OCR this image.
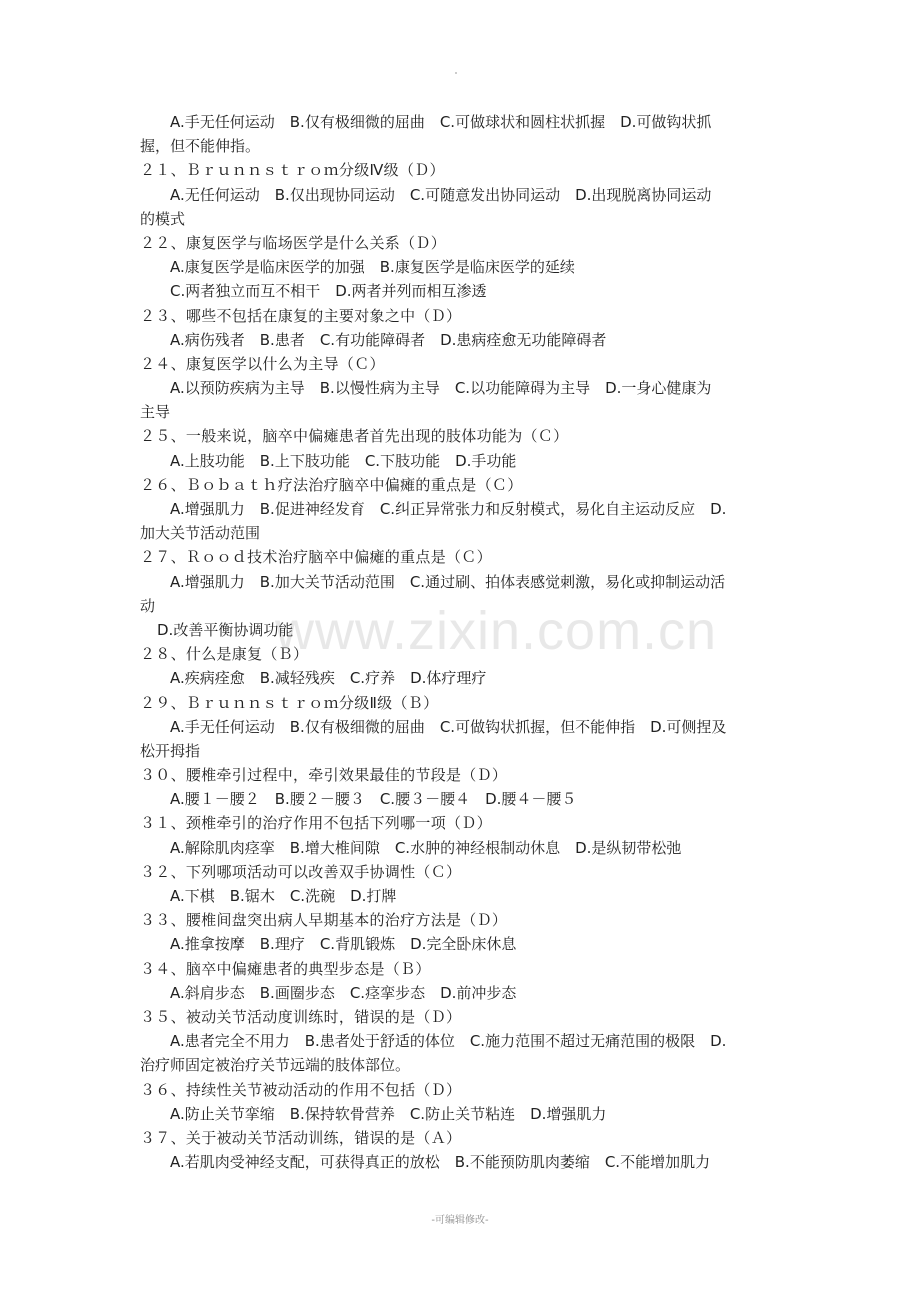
A.手无任何运动　B.仅有极细微的屈曲　C.可做球状和圆柱状抓握　D.可做钩状抓
握，但不能伸指。
２１、Ｂｒｕｎｎｓｔｒｏｍ分级Ⅳ级（Ｄ）
A.无任何运动　B.仅出现协同运动　C.可随意发出协同运动　D.出现脱离协同运动
的模式
２２、康复医学与临场医学是什么关系（Ｄ）
A.康复医学是临床医学的加强　B.康复医学是临床医学的延续
C.两者独立而互不相干　D.两者并列而相互渗透
２３、哪些不包括在康复的主要对象之中（Ｄ）
A.病伤残者　B.患者　C.有功能障碍者　D.患病痊愈无功能障碍者
２４、康复医学以什么为主导（Ｃ）
A.以预防疾病为主导　B.以慢性病为主导　C.以功能障碍为主导　D.一身心健康为
主导
２５、一般来说，脑卒中偏瘫患者首先出现的肢体功能为（Ｃ）
A.上肢功能　B.上下肢功能　C.下肢功能　D.手功能
２６、Ｂｏｂａｔｈ疗法治疗脑卒中偏瘫的重点是（Ｃ）
A.增强肌力　B.促进神经发育　C.纠正异常张力和反射模式，易化自主运动反应　D.
加大关节活动范围
２７、Ｒｏｏｄ技术治疗脑卒中偏瘫的重点是（Ｃ）
A.增强肌力　B.加大关节活动范围　C.通过刷、拍体表感觉刺激，易化或抑制运动活
动
D.改善平衡协调功能
２８、什么是康复（Ｂ）
A.疾病痊愈　B.减轻残疾　C.疗养　D.体疗理疗
２９、Ｂｒｕｎｎｓｔｒｏｍ分级Ⅱ级（Ｂ）
A.手无任何运动　B.仅有极细微的屈曲　C.可做钩状抓握，但不能伸指　D.可侧捏及
松开拇指
３０、腰椎牵引过程中，牵引效果最佳的节段是（Ｄ）
A.腰１－腰２　B.腰２－腰３　C.腰３－腰４　D.腰４－腰５
３１、颈椎牵引的治疗作用不包括下列哪一项（Ｄ）
A.解除肌肉痉挛　B.增大椎间隙　C.水肿的神经根制动休息　D.是纵韧带松弛
３２、下列哪项活动可以改善双手协调性（Ｃ）
A.下棋　B.锯木　C.洗碗　D.打牌
３３、腰椎间盘突出病人早期基本的治疗方法是（Ｄ）
A.推拿按摩　B.理疗　C.背肌锻炼　D.完全卧床休息
３４、脑卒中偏瘫患者的典型步态是（Ｂ）
A.斜肩步态　B.画圈步态　C.痉挛步态　D.前冲步态
３５、被动关节活动度训练时，错误的是（Ｄ）
A.患者完全不用力　B.患者处于舒适的体位　C.施力范围不超过无痛范围的极限　D.
治疗师固定被治疗关节远端的肢体部位。
３６、持续性关节被动活动的作用不包括（Ｄ）
A.防止关节挛缩　B.保持软骨营养　C.防止关节粘连　D.增强肌力
３７、关于被动关节活动训练，错误的是（Ａ）
A.若肌肉受神经支配，可获得真正的放松　B.不能预防肌肉萎缩　C.不能增加肌力
www.zixin.com.cn
-可编辑修改-
